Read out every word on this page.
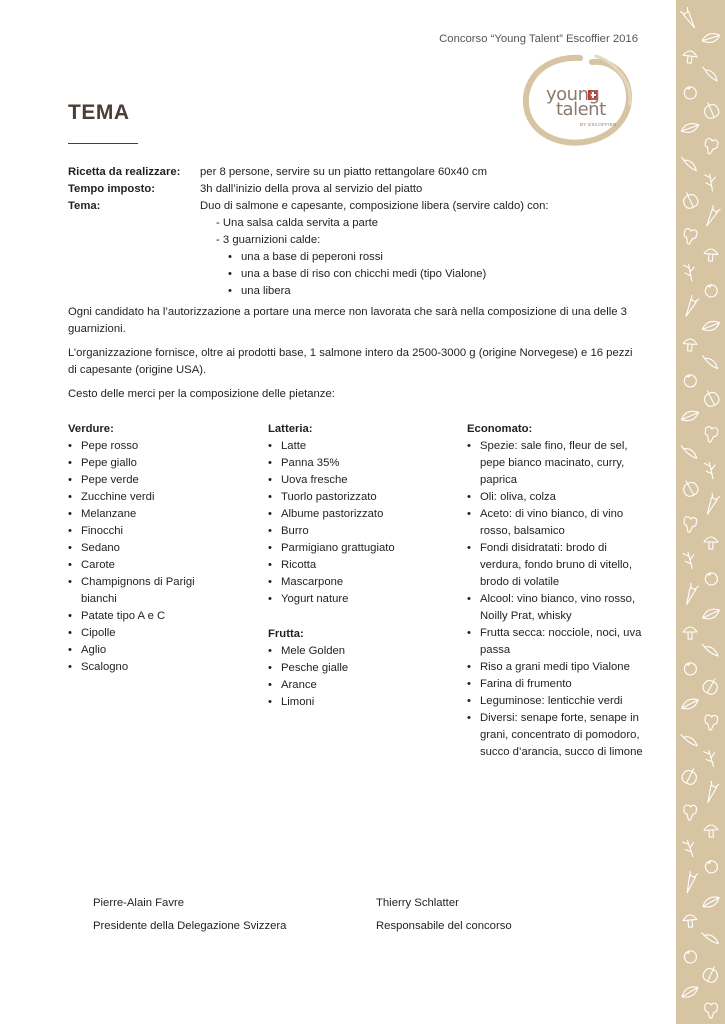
Concorso “Young Talent” Escoffier 2016
young
talent
BY ESCOFFIER
TEMA
Ricetta da realizzare:	per 8 persone, servire su un piatto rettangolare 60x40 cm
Tempo imposto:	3h dall’inizio della prova al servizio del piatto
Tema:	Duo di salmone e capesante, composizione libera (servire caldo) con:
- Una salsa calda servita a parte
- 3 guarnizioni calde:
• una a base di peperoni rossi
• una a base di riso con chicchi medi (tipo Vialone)
• una libera

Ogni candidato ha l’autorizzazione a portare una merce non lavorata che sarà nella composizione di una delle 3 guarnizioni.

L’organizzazione fornisce, oltre ai prodotti base, 1 salmone intero da 2500-3000 g (origine Norvegese) e 16 pezzi di capesante (origine USA).

Cesto delle merci per la composizione delle pietanze:

Verdure:
• Pepe rosso
• Pepe giallo
• Pepe verde
• Zucchine verdi
• Melanzane
• Finocchi
• Sedano
• Carote
• Champignons di Parigi bianchi
• Patate tipo A e C
• Cipolle
• Aglio
• Scalogno
Latteria:
• Latte
• Panna 35%
• Uova fresche
• Tuorlo pastorizzato
• Albume pastorizzato
• Burro
• Parmigiano grattugiato
• Ricotta
• Mascarpone
• Yogurt nature
Frutta:
• Mele Golden
• Pesche gialle
• Arance
• Limoni
Economato:
• Spezie: sale fino, fleur de sel, pepe bianco macinato, curry, paprica
• Oli: oliva, colza
• Aceto: di vino bianco, di vino rosso, balsamico
• Fondi disidratati: brodo di verdura, fondo bruno di vitello, brodo di volatile
• Alcool: vino bianco, vino rosso, Noilly Prat, whisky
• Frutta secca: nocciole, noci, uva passa
• Riso a grani medi tipo Vialone
• Farina di frumento
• Leguminose: lenticchie verdi
• Diversi: senape forte, senape in grani, concentrato di pomodoro, succo d’arancia, succo di limone
Pierre-Alain Favre
Presidente della Delegazione Svizzera
Thierry Schlatter
Responsabile del concorso
